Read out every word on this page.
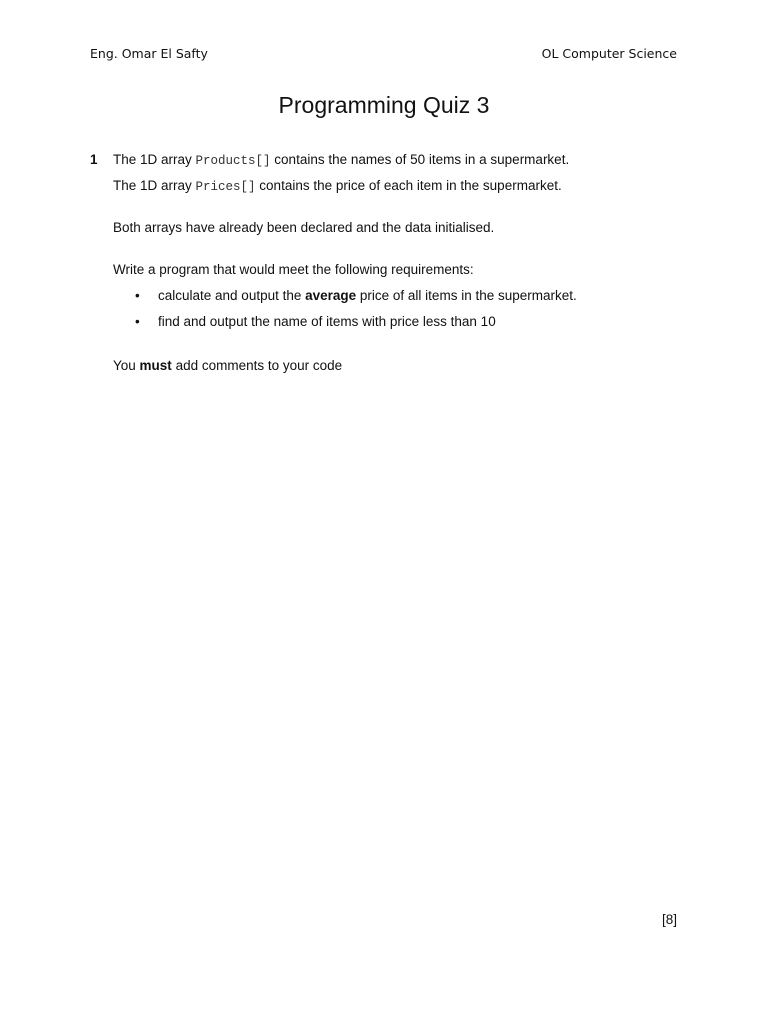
Eng. Omar El Safty	OL Computer Science
Programming Quiz 3
1 The 1D array Products[] contains the names of 50 items in a supermarket.
The 1D array Prices[] contains the price of each item in the supermarket.
Both arrays have already been declared and the data initialised.
Write a program that would meet the following requirements:
• calculate and output the average price of all items in the supermarket.
• find and output the name of items with price less than 10
You must add comments to your code
[8]
